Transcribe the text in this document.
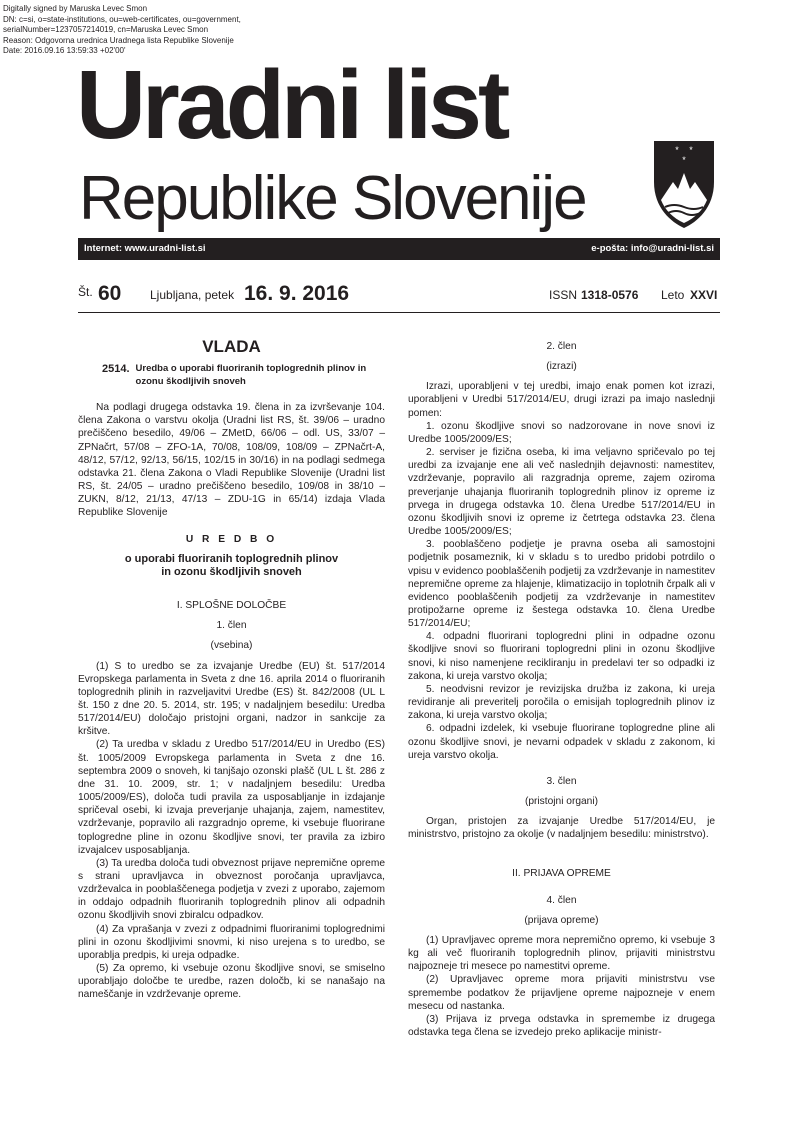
Digitally signed by Maruska Levec Smon
DN: c=si, o=state-institutions, ou=web-certificates, ou=government,
serialNumber=1237057214019, cn=Maruska Levec Smon
Reason: Odgovorna urednica Uradnega lista Republike Slovenije
Date: 2016.09.16 13:59:33 +02'00'
Uradni list
Republike Slovenije
* *
*
Internet: www.uradni-list.si	e-pošta: info@uradni-list.si
Št. 60 Ljubljana, petek 16. 9. 2016	ISSN 1318-0576 Leto XXVI
VLADA
2514. Uredba o uporabi fluoriranih toplogrednih plinov in ozonu škodljivih snoveh

Na podlagi drugega odstavka 19. člena in za izvrševanje 104. člena Zakona o varstvu okolja (Uradni list RS, št. 39/06 – uradno prečiščeno besedilo, 49/06 – ZMetD, 66/06 – odl. US, 33/07 – ZPNačrt, 57/08 – ZFO-1A, 70/08, 108/09, 108/09 – ZPNačrt-A, 48/12, 57/12, 92/13, 56/15, 102/15 in 30/16) in na podlagi sedmega odstavka 21. člena Zakona o Vladi Republike Slovenije (Uradni list RS, št. 24/05 – uradno prečiščeno besedilo, 109/08 in 38/10 – ZUKN, 8/12, 21/13, 47/13 – ZDU-1G in 65/14) izdaja Vlada Republike Slovenije

U R E D B O
o uporabi fluoriranih toplogrednih plinov
in ozonu škodljivih snoveh
I. SPLOŠNE DOLOČBE
1. člen
(vsebina)

(1) S to uredbo se za izvajanje Uredbe (EU) št. 517/2014 Evropskega parlamenta in Sveta z dne 16. aprila 2014 o fluoriranih toplogrednih plinih in razveljavitvi Uredbe (ES) št. 842/2008 (UL L št. 150 z dne 20. 5. 2014, str. 195; v nadaljnjem besedilu: Uredba 517/2014/EU) določajo pristojni organi, nadzor in sankcije za kršitve.

(2) Ta uredba v skladu z Uredbo 517/2014/EU in Uredbo (ES) št. 1005/2009 Evropskega parlamenta in Sveta z dne 16. septembra 2009 o snoveh, ki tanjšajo ozonski plašč (UL L št. 286 z dne 31. 10. 2009, str. 1; v nadaljnjem besedilu: Uredba 1005/2009/ES), določa tudi pravila za usposabljanje in izdajanje spričeval osebi, ki izvaja preverjanje uhajanja, zajem, namestitev, vzdrževanje, popravilo ali razgradnjo opreme, ki vsebuje fluorirane toplogredne pline in ozonu škodljive snovi, ter pravila za izbiro izvajalcev usposabljanja.

(3) Ta uredba določa tudi obveznost prijave nepremične opreme s strani upravljavca in obveznost poročanja upravljavca, vzdrževalca in pooblaščenega podjetja v zvezi z uporabo, zajemom in oddajo odpadnih fluoriranih toplogrednih plinov ali odpadnih ozonu škodljivih snovi zbiralcu odpadkov.

(4) Za vprašanja v zvezi z odpadnimi fluoriranimi toplogrednimi plini in ozonu škodljivimi snovmi, ki niso urejena s to uredbo, se uporablja predpis, ki ureja odpadke.

(5) Za opremo, ki vsebuje ozonu škodljive snovi, se smiselno uporabljajo določbe te uredbe, razen določb, ki se nanašajo na nameščanje in vzdrževanje opreme.

2. člen
(izrazi)

Izrazi, uporabljeni v tej uredbi, imajo enak pomen kot izrazi, uporabljeni v Uredbi 517/2014/EU, drugi izrazi pa imajo naslednji pomen:

1. ozonu škodljive snovi so nadzorovane in nove snovi iz Uredbe 1005/2009/ES;

2. serviser je fizična oseba, ki ima veljavno spričevalo po tej uredbi za izvajanje ene ali več naslednjih dejavnosti: namestitev, vzdrževanje, popravilo ali razgradnja opreme, zajem oziroma preverjanje uhajanja fluoriranih toplogrednih plinov iz opreme iz prvega in drugega odstavka 10. člena Uredbe 517/2014/EU in ozonu škodljivih snovi iz opreme iz četrtega odstavka 23. člena Uredbe 1005/2009/ES;

3. pooblaščeno podjetje je pravna oseba ali samostojni podjetnik posameznik, ki v skladu s to uredbo pridobi potrdilo o vpisu v evidenco pooblaščenih podjetij za vzdrževanje in namestitev nepremične opreme za hlajenje, klimatizacijo in toplotnih črpalk ali v evidenco pooblaščenih podjetij za vzdrževanje in namestitev protipožarne opreme iz šestega odstavka 10. člena Uredbe 517/2014/EU;

4. odpadni fluorirani toplogredni plini in odpadne ozonu škodljive snovi so fluorirani toplogredni plini in ozonu škodljive snovi, ki niso namenjene recikliranju in predelavi ter so odpadki iz zakona, ki ureja varstvo okolja;

5. neodvisni revizor je revizijska družba iz zakona, ki ureja revidiranje ali preveritelj poročila o emisijah toplogrednih plinov iz zakona, ki ureja varstvo okolja;

6. odpadni izdelek, ki vsebuje fluorirane toplogredne pline ali ozonu škodljive snovi, je nevarni odpadek v skladu z zakonom, ki ureja varstvo okolja.

3. člen
(pristojni organi)

Organ, pristojen za izvajanje Uredbe 517/2014/EU, je ministrstvo, pristojno za okolje (v nadaljnjem besedilu: ministrstvo).

II. PRIJAVA OPREME
4. člen
(prijava opreme)

(1) Upravljavec opreme mora nepremično opremo, ki vsebuje 3 kg ali več fluoriranih toplogrednih plinov, prijaviti ministrstvu najpozneje tri mesece po namestitvi opreme.

(2) Upravljavec opreme mora prijaviti ministrstvu vse spremembe podatkov že prijavljene opreme najpozneje v enem mesecu od nastanka.

(3) Prijava iz prvega odstavka in spremembe iz drugega odstavka tega člena se izvedejo preko aplikacije ministr-
